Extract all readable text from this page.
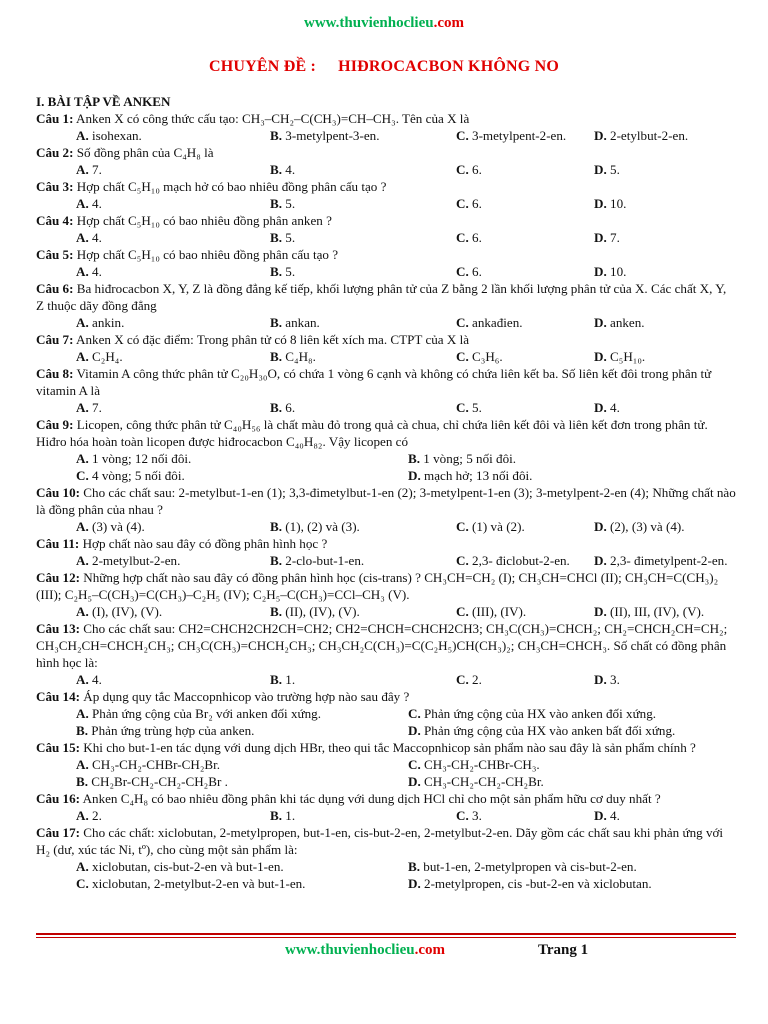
www.thuvienhoclieu.com
CHUYÊN ĐỀ : HIĐROCACBON KHÔNG NO
I. BÀI TẬP VỀ ANKEN
Câu 1: Anken X có công thức cấu tạo: CH₃–CH₂–C(CH₃)=CH–CH₃. Tên của X là
A. isohexan.	B. 3-metylpent-3-en.	C. 3-metylpent-2-en. D. 2-etylbut-2-en.
Câu 2: Số đồng phân của C₄H₈ là
A. 7.	B. 4.	C. 6.	D. 5.
Câu 3: Hợp chất C₅H₁₀ mạch hở có bao nhiêu đồng phân cấu tạo ?
A. 4.	B. 5.	C. 6.	D. 10.
Câu 4: Hợp chất C₅H₁₀ có bao nhiêu đồng phân anken ?
A. 4.	B. 5.	C. 6.	D. 7.
Câu 5: Hợp chất C₅H₁₀ có bao nhiêu đồng phân cấu tạo ?
A. 4.	B. 5.	C. 6.	D. 10.
Câu 6: Ba hiđrocacbon X, Y, Z là đồng đẳng kế tiếp, khối lượng phân tử của Z bằng 2 lần khối lượng phân tử của X. Các chất X, Y, Z thuộc dãy đồng đẳng
A. ankin.	B. ankan.	C. ankađien.	D. anken.
Câu 7: Anken X có đặc điểm: Trong phân tử có 8 liên kết xích ma. CTPT của X là
A. C₂H₄.	B. C₄H₈.	C. C₃H₆.	D. C₅H₁₀.
Câu 8: Vitamin A công thức phân tử C₂₀H₃₀O, có chứa 1 vòng 6 cạnh và không có chứa liên kết ba. Số liên kết đôi trong phân tử vitamin A là
A. 7.	B. 6.	C. 5.	D. 4.
Câu 9: Licopen, công thức phân tử C₄₀H₅₆ là chất màu đỏ trong quả cà chua, chỉ chứa liên kết đôi và liên kết đơn trong phân tử. Hiđro hóa hoàn toàn licopen được hiđrocacbon C₄₀H₈₂. Vậy licopen có
A. 1 vòng; 12 nối đôi.	B. 1 vòng; 5 nối đôi.
C. 4 vòng; 5 nối đôi.	D. mạch hở; 13 nối đôi.
Câu 10: Cho các chất sau: 2-metylbut-1-en (1); 3,3-đimetylbut-1-en (2); 3-metylpent-1-en (3); 3-metylpent-2-en (4); Những chất nào là đồng phân của nhau ?
A. (3) và (4).	B. (1), (2) và (3).	C. (1) và (2).	D. (2), (3) và (4).
Câu 11: Hợp chất nào sau đây có đồng phân hình học ?
A. 2-metylbut-2-en.	B. 2-clo-but-1-en.	C. 2,3- điclobut-2-en. D. 2,3- đimetylpent-2-en.
Câu 12: Những hợp chất nào sau đây có đồng phân hình học (cis-trans) ? CH₃CH=CH₂ (I); CH₃CH=CHCl (II); CH₃CH=C(CH₃)₂ (III); C₂H₅–C(CH₃)=C(CH₃)–C₂H₅ (IV); C₂H₅–C(CH₃)=CCl–CH₃ (V).
A. (I), (IV), (V).	B. (II), (IV), (V).	C. (III), (IV).	D. (II), III, (IV), (V).
Câu 13: Cho các chất sau: CH2=CHCH2CH2CH=CH2; CH2=CHCH=CHCH2CH3; CH₃C(CH₃)=CHCH₂; CH₂=CHCH₂CH=CH₂; CH₃CH₂CH=CHCH₂CH₃; CH₃C(CH₃)=CHCH₂CH₃; CH₃CH₂C(CH₃)=C(C₂H₅)CH(CH₃)₂; CH₃CH=CHCH₃. Số chất có đồng phân hình học là:
A. 4.	B. 1.	C. 2.	D. 3.
Câu 14: Áp dụng quy tắc Maccopnhicop vào trường hợp nào sau đây ?
A. Phản ứng cộng của Br₂ với anken đối xứng.	C. Phản ứng cộng của HX vào anken đối xứng.
B. Phản ứng trùng hợp của anken.	D. Phản ứng cộng của HX vào anken bất đối xứng.
Câu 15: Khi cho but-1-en tác dụng với dung dịch HBr, theo qui tắc Maccopnhicop sản phẩm nào sau đây là sản phẩm chính ?
A. CH₃-CH₂-CHBr-CH₂Br.	C. CH₃-CH₂-CHBr-CH₃.
B. CH₂Br-CH₂-CH₂-CH₂Br .	D. CH₃-CH₂-CH₂-CH₂Br.
Câu 16: Anken C₄H₈ có bao nhiêu đồng phân khi tác dụng với dung dịch HCl chỉ cho một sản phẩm hữu cơ duy nhất ?
A. 2.	B. 1.	C. 3.	D. 4.
Câu 17: Cho các chất: xiclobutan, 2-metylpropen, but-1-en, cis-but-2-en, 2-metylbut-2-en. Dãy gồm các chất sau khi phản ứng với H₂ (dư, xúc tác Ni, tº), cho cùng một sản phẩm là:
A. xiclobutan, cis-but-2-en và but-1-en.	B. but-1-en, 2-metylpropen và cis-but-2-en.
C. xiclobutan, 2-metylbut-2-en và but-1-en.	D. 2-metylpropen, cis -but-2-en và xiclobutan.
www.thuvienhoclieu.com	Trang 1
